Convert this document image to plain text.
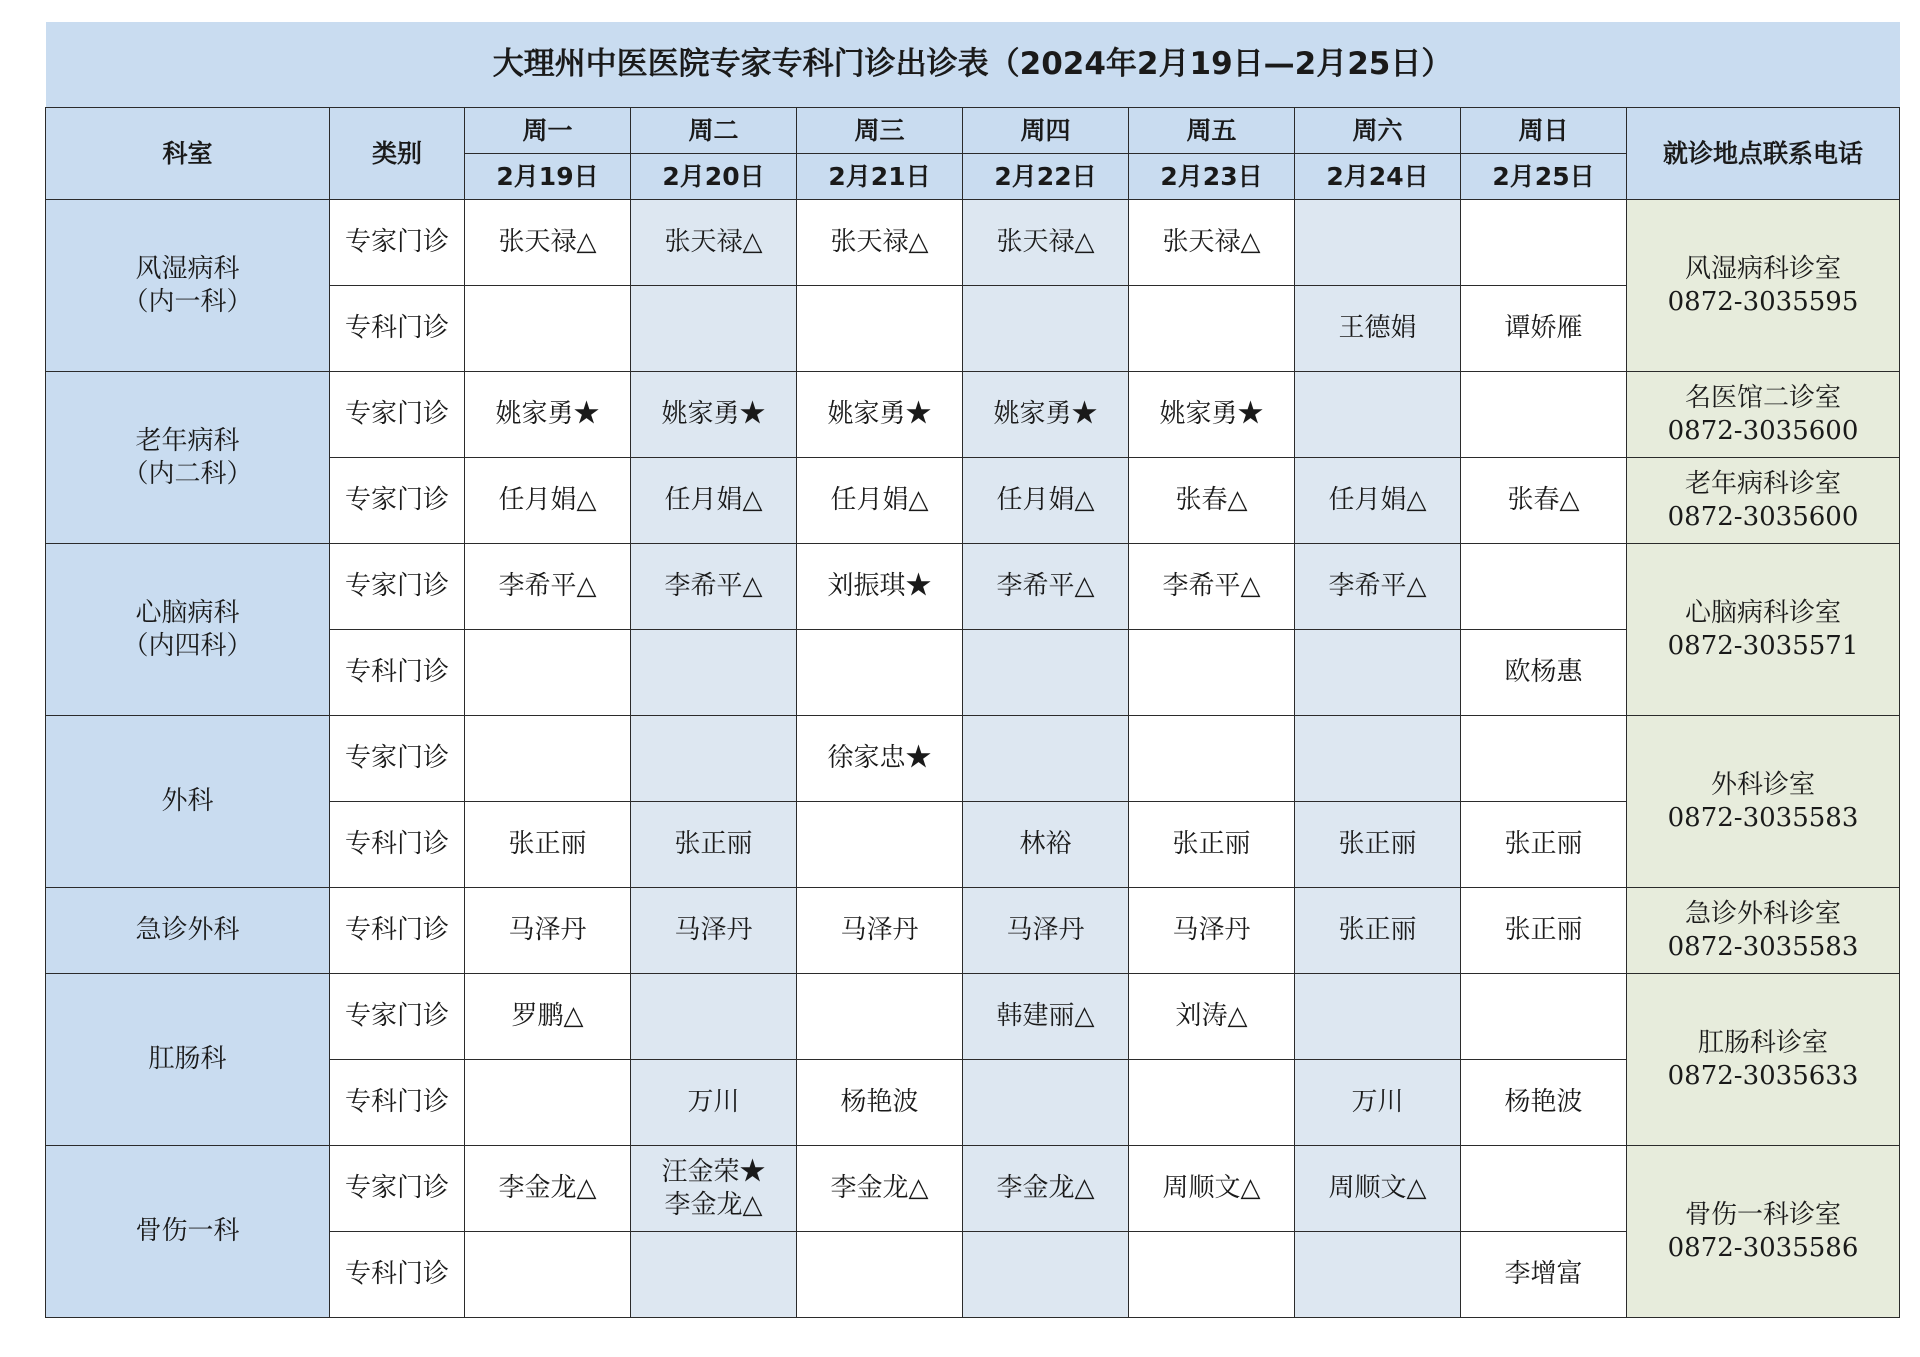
大理州中医医院专家专科门诊出诊表（2024年2月19日—2月25日）									
科室	类别	周一	周二	周三	周四	周五	周六	周日	就诊地点联系电话
		2月19日	2月20日	2月21日	2月22日	2月23日	2月24日	2月25日	

风湿病科
（内一科）	专家门诊	张天禄△	张天禄△	张天禄△	张天禄△	张天禄△			风湿病科诊室
0872-3035595

	专科门诊						王德娟	谭娇雁	

老年病科
（内二科）	专家门诊	姚家勇★	姚家勇★	姚家勇★	姚家勇★	姚家勇★			名医馆二诊室
0872-3035600

	专家门诊	任月娟△	任月娟△	任月娟△	任月娟△	张春△	任月娟△	张春△	老年病科诊室
0872-3035600

心脑病科
（内四科）	专家门诊	李希平△	李希平△	刘振琪★	李希平△	李希平△	李希平△		心脑病科诊室
0872-3035571

	专科门诊							欧杨惠	

外科	专家门诊			徐家忠★					外科诊室
0872-3035583

	专科门诊	张正丽	张正丽		林裕	张正丽	张正丽	张正丽	

急诊外科	专科门诊	马泽丹	马泽丹	马泽丹	马泽丹	马泽丹	张正丽	张正丽	急诊外科诊室
0872-3035583

肛肠科	专家门诊	罗鹏△			韩建丽△	刘涛△			肛肠科诊室
0872-3035633

	专科门诊		万川	杨艳波			万川	杨艳波	

骨伤一科	专家门诊	李金龙△	汪金荣★
李金龙△	李金龙△	李金龙△	周顺文△	周顺文△		骨伤一科诊室
0872-3035586

	专科门诊							李增富	
